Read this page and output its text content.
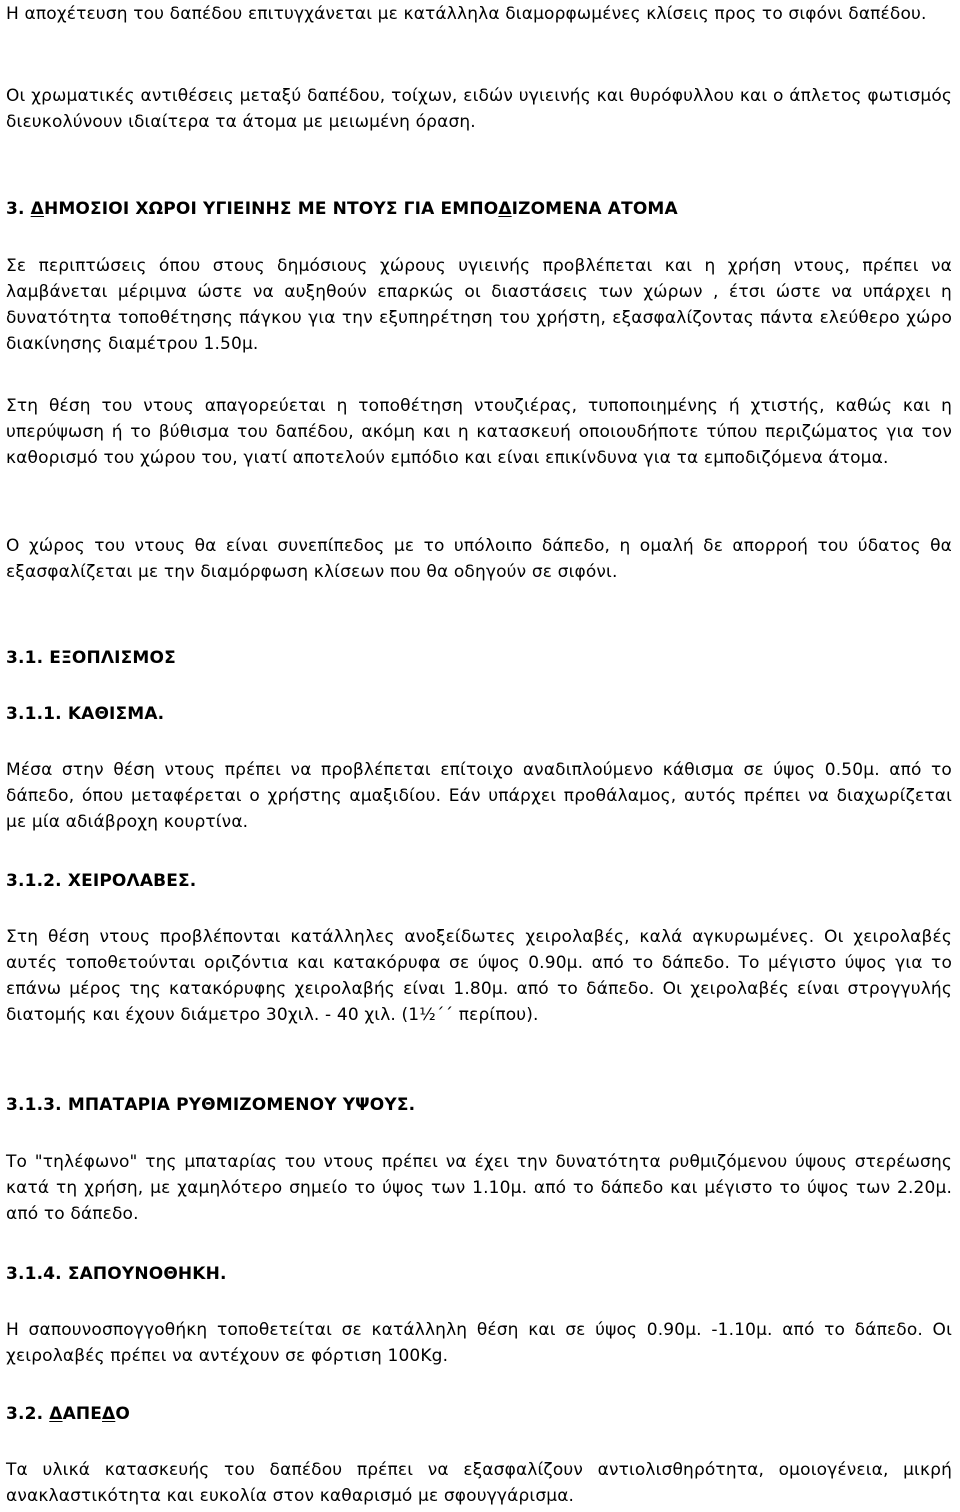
Η αποχέτευση του δαπέδου επιτυγχάνεται με κατάλληλα διαμορφωμένες κλίσεις προς το σιφόνι δαπέδου.

Οι χρωματικές αντιθέσεις μεταξύ δαπέδου, τοίχων, ειδών υγιεινής και θυρόφυλλου και ο άπλετος φωτισμός διευκολύνουν ιδιαίτερα τα άτομα με μειωμένη όραση.

3. ΔΗΜΟΣΙΟΙ ΧΩΡΟΙ ΥΓΙΕΙΝΗΣ ΜΕ ΝΤΟΥΣ ΓΙΑ ΕΜΠΟΔΙΖΟΜΕΝΑ ΑΤΟΜΑ

Σε περιπτώσεις όπου στους δημόσιους χώρους υγιεινής προβλέπεται και η χρήση ντους, πρέπει να λαμβάνεται μέριμνα ώστε να αυξηθούν επαρκώς οι διαστάσεις των χώρων , έτσι ώστε να υπάρχει η δυνατότητα τοποθέτησης πάγκου για την εξυπηρέτηση του χρήστη, εξασφαλίζοντας πάντα ελεύθερο χώρο διακίνησης διαμέτρου 1.50μ.

Στη θέση του ντους απαγορεύεται η τοποθέτηση ντουζιέρας, τυποποιημένης ή χτιστής, καθώς και η υπερύψωση ή το βύθισμα του δαπέδου, ακόμη και η κατασκευή οποιουδήποτε τύπου περιζώματος για τον καθορισμό του χώρου του, γιατί αποτελούν εμπόδιο και είναι επικίνδυνα για τα εμποδιζόμενα άτομα.

Ο χώρος του ντους θα είναι συνεπίπεδος με το υπόλοιπο δάπεδο, η ομαλή δε απορροή του ύδατος θα εξασφαλίζεται με την διαμόρφωση κλίσεων που θα οδηγούν σε σιφόνι.

3.1. ΕΞΟΠΛΙΣΜΟΣ
3.1.1. ΚΑΘΙΣΜΑ.

Μέσα στην θέση ντους πρέπει να προβλέπεται επίτοιχο αναδιπλούμενο κάθισμα σε ύψος 0.50μ. από το δάπεδο, όπου μεταφέρεται ο χρήστης αμαξιδίου. Εάν υπάρχει προθάλαμος, αυτός πρέπει να διαχωρίζεται με μία αδιάβροχη κουρτίνα.

3.1.2. ΧΕΙΡΟΛΑΒΕΣ.

Στη θέση ντους προβλέπονται κατάλληλες ανοξείδωτες χειρολαβές, καλά αγκυρωμένες. Οι χειρολαβές αυτές τοποθετούνται οριζόντια και κατακόρυφα σε ύψος 0.90μ. από το δάπεδο. Το μέγιστο ύψος για το επάνω μέρος της κατακόρυφης χειρολαβής είναι 1.80μ. από το δάπεδο. Οι χειρολαβές είναι στρογγυλής διατομής και έχουν διάμετρο 30χιλ. - 40 χιλ. (1½΄΄ περίπου).

3.1.3. ΜΠΑΤΑΡΙΑ ΡΥΘΜΙΖΟΜΕΝΟΥ ΥΨΟΥΣ.

Το "τηλέφωνο" της μπαταρίας του ντους πρέπει να έχει την δυνατότητα ρυθμιζόμενου ύψους στερέωσης κατά τη χρήση, με χαμηλότερο σημείο το ύψος των 1.10μ. από το δάπεδο και μέγιστο το ύψος των 2.20μ. από το δάπεδο.

3.1.4. ΣΑΠΟΥΝΟΘΗΚΗ.

Η σαπουνοσπογγοθήκη τοποθετείται σε κατάλληλη θέση και σε ύψος 0.90μ. -1.10μ. από το δάπεδο. Οι χειρολαβές πρέπει να αντέχουν σε φόρτιση 100Kg.

3.2. ΔΑΠΕΔΟ

Τα υλικά κατασκευής του δαπέδου πρέπει να εξασφαλίζουν αντιολισθηρότητα, ομοιογένεια, μικρή ανακλαστικότητα και ευκολία στον καθαρισμό με σφουγγάρισμα.
